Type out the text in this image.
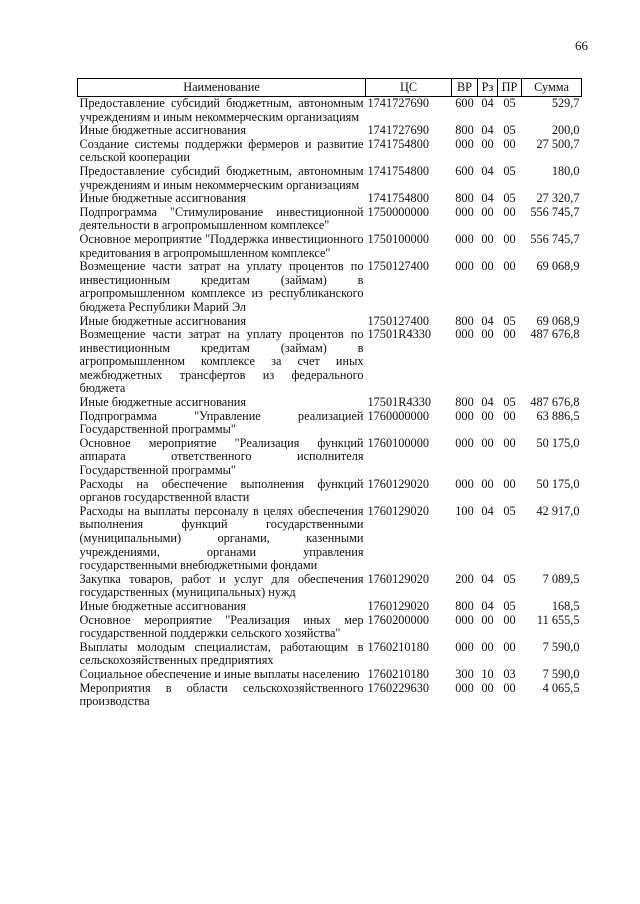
66
Наименование	ЦС	ВР	Рз	ПР	Сумма
Предоставление субсидий бюджетным, автономным учреждениям и иным некоммерческим организациям	1741727690	600	04	05	529,7
Иные бюджетные ассигнования	1741727690	800	04	05	200,0
Создание системы поддержки фермеров и развитие сельской кооперации	1741754800	000	00	00	27 500,7
Предоставление субсидий бюджетным, автономным учреждениям и иным некоммерческим организациям	1741754800	600	04	05	180,0
Иные бюджетные ассигнования	1741754800	800	04	05	27 320,7
Подпрограмма "Стимулирование инвестиционной деятельности в агропромышленном комплексе"	1750000000	000	00	00	556 745,7
Основное мероприятие "Поддержка инвестиционного кредитования в агропромышленном комплексе"	1750100000	000	00	00	556 745,7
Возмещение части затрат на уплату процентов по инвестиционным кредитам (займам) в агропромышленном комплексе из республиканского бюджета Республики Марий Эл	1750127400	000	00	00	69 068,9
Иные бюджетные ассигнования	1750127400	800	04	05	69 068,9
Возмещение части затрат на уплату процентов по инвестиционным кредитам (займам) в агропромышленном комплексе за счет иных межбюджетных трансфертов из федерального бюджета	17501R4330	000	00	00	487 676,8
Иные бюджетные ассигнования	17501R4330	800	04	05	487 676,8
Подпрограмма "Управление реализацией Государственной программы"	1760000000	000	00	00	63 886,5
Основное мероприятие "Реализация функций аппарата ответственного исполнителя Государственной программы"	1760100000	000	00	00	50 175,0
Расходы на обеспечение выполнения функций органов государственной власти	1760129020	000	00	00	50 175,0
Расходы на выплаты персоналу в целях обеспечения выполнения функций государственными (муниципальными) органами, казенными учреждениями, органами управления государственными внебюджетными фондами	1760129020	100	04	05	42 917,0
Закупка товаров, работ и услуг для обеспечения государственных (муниципальных) нужд	1760129020	200	04	05	7 089,5
Иные бюджетные ассигнования	1760129020	800	04	05	168,5
Основное мероприятие "Реализация иных мер государственной поддержки сельского хозяйства"	1760200000	000	00	00	11 655,5
Выплаты молодым специалистам, работающим в сельскохозяйственных предприятиях	1760210180	000	00	00	7 590,0
Социальное обеспечение и иные выплаты населению	1760210180	300	10	03	7 590,0
Мероприятия в области сельскохозяйственного производства	1760229630	000	00	00	4 065,5
